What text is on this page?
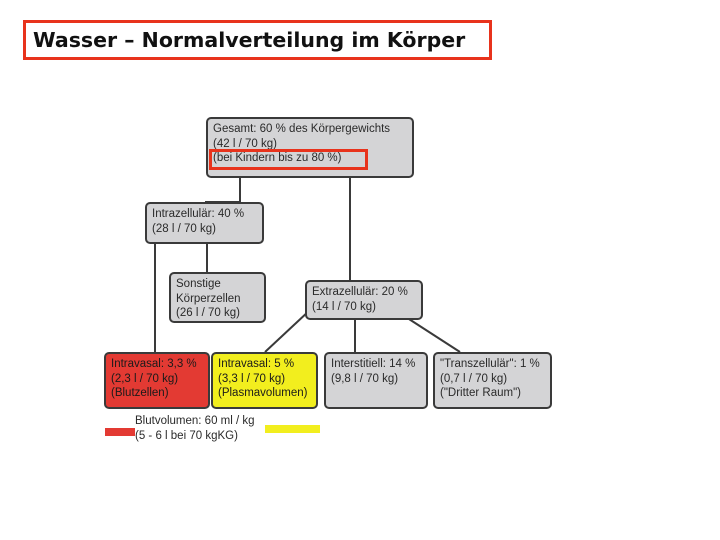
Wasser – Normalverteilung im Körper
Gesamt: 60 % des Körpergewichts
(42 l / 70 kg)
(bei Kindern bis zu 80 %)
Intrazellulär: 40 %
(28 l / 70 kg)
Sonstige
Körperzellen
(26 l / 70 kg)
Extrazellulär: 20 %
(14 l / 70 kg)
Intravasal: 3,3 %
(2,3 l / 70 kg)
(Blutzellen)
Intravasal: 5 %
(3,3 l / 70 kg)
(Plasmavolumen)
Interstitiell: 14 %
(9,8 l / 70 kg)
"Transzellulär": 1 %
(0,7 l / 70 kg)
("Dritter Raum")
Blutvolumen: 60 ml / kg
(5 - 6 l bei 70 kgKG)
